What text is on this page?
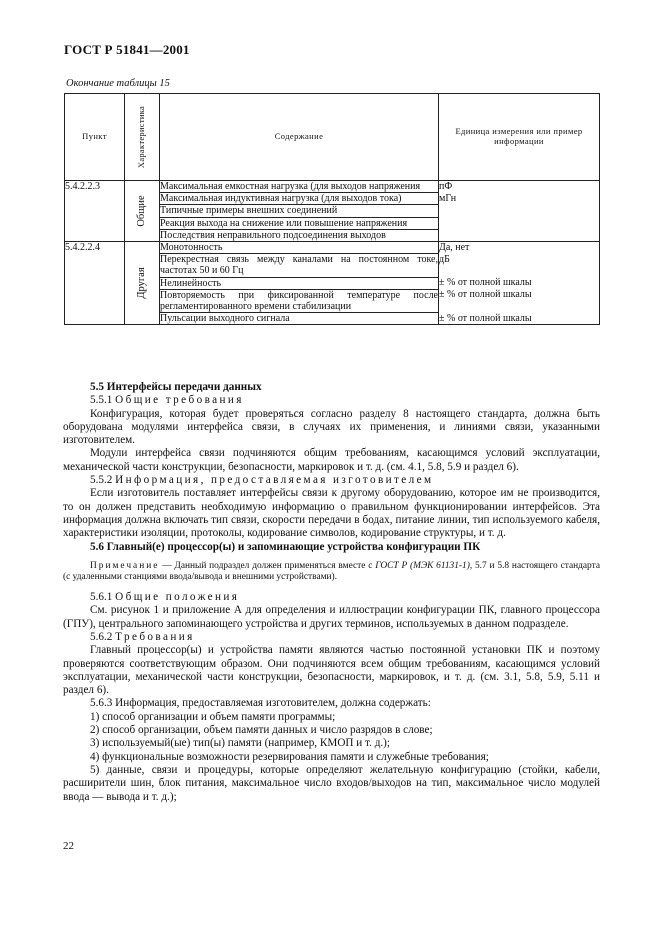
ГОСТ Р 51841—2001
Окончание таблицы 15
Пункт	Характеристика	Содержание	Единица измерения или пример информации
5.4.2.2.3	Общие	Максимальная емкостная нагрузка (для выходов напряжения	пФ
		Максимальная индуктивная нагрузка (для выходов тока)	мГн
		Типичные примеры внешних соединений	
		Реакция выхода на снижение или повышение напряжения	
		Последствия неправильного подсоединения выходов	
5.4.2.2.4	Другая	Монотонность	Да, нет
		Перекрестная связь между каналами на постоянном токе, частотах 50 и 60 Гц	дБ
		Нелинейность	± % от полной шкалы
		Повторяемость при фиксированной температуре после регламентированного времени стабилизации	± % от полной шкалы
		Пульсации выходного сигнала	± % от полной шкалы

5.5 Интерфейсы передачи данных

5.5.1 Общие требования

Конфигурация, которая будет проверяться согласно разделу 8 настоящего стандарта, должна быть оборудована модулями интерфейса связи, в случаях их применения, и линиями связи, указанными изготовителем.

Модули интерфейса связи подчиняются общим требованиям, касающимся условий эксплуатации, механической части конструкции, безопасности, маркировок и т. д. (см. 4.1, 5.8, 5.9 и раздел 6).

5.5.2 Информация, предоставляемая изготовителем

Если изготовитель поставляет интерфейсы связи к другому оборудованию, которое им не производится, то он должен представить необходимую информацию о правильном функционировании интерфейсов. Эта информация должна включать тип связи, скорости передачи в бодах, питание линии, тип используемого кабеля, характеристики изоляции, протоколы, кодирование символов, кодирование структуры, и т. д.

5.6 Главный(е) процессор(ы) и запоминающие устройства конфигурации ПК

Примечание — Данный подраздел должен применяться вместе с ГОСТ Р (МЭК 61131-1), 5.7 и 5.8 настоящего стандарта (с удаленными станциями ввода/вывода и внешними устройствами).

5.6.1 Общие положения

См. рисунок 1 и приложение А для определения и иллюстрации конфигурации ПК, главного процессора (ГПУ), центрального запоминающего устройства и других терминов, используемых в данном подразделе.

5.6.2 Требования

Главный процессор(ы) и устройства памяти являются частью постоянной установки ПК и поэтому проверяются соответствующим образом. Они подчиняются всем общим требованиям, касающимся условий эксплуатации, механической части конструкции, безопасности, маркировок, и т. д. (см. 3.1, 5.8, 5.9, 5.11 и раздел 6).

5.6.3 Информация, предоставляемая изготовителем, должна содержать:

1) способ организации и объем памяти программы;

2) способ организации, объем памяти данных и число разрядов в слове;

3) используемый(ые) тип(ы) памяти (например, КМОП и т. д.);

4) функциональные возможности резервирования памяти и служебные требования;

5) данные, связи и процедуры, которые определяют желательную конфигурацию (стойки, кабели, расширители шин, блок питания, максимальное число входов/выходов на тип, максимальное число модулей ввода — вывода и т. д.);

22
